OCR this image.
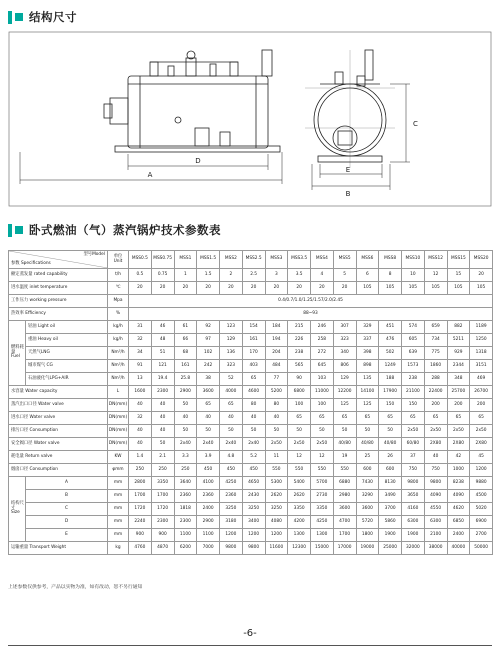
结构尺寸
D
A
C
E
B
卧式燃油（气）蒸汽锅炉技术参数表
型号Model
参数 Specifications		单位
Unit	MSS0.5	MSS0.75	MSS1	MSS1.5	MSS2	MSS2.5	MSS3	MSS3.5	MSS4	MSS5	MSS6	MSS8	MSS10	MSS12	MSS15	MSS20
额定蒸发量 rated capability		t/h	0.5	0.75	1	1.5	2	2.5	3	3.5	4	5	6	8	10	12	15	20
进水温度 inlet temperature		℃	20	20	20	20	20	20	20	20	20	20	105	105	105	105	105	105
工作压力 working pressure		Mpa	0.4/0.7/1.0/1.25/1.57/2.0/2.45															
热效率 Efficiency		%	88~93															
燃料耗量
Fuel	轻油 Light oil	kg/h	31	46	61	92	123	154	184	215	246	307	329	451	574	659	882	1189
	重油 Heavy oil	kg/h	32	48	66	97	129	161	194	226	258	323	337	476	605	734	5211	1250
	天然气LNG	Nm³/h	34	51	68	102	136	170	204	238	272	340	398	502	639	775	929	1318
	城市煤气 CG	Nm³/h	91	121	161	242	323	403	484	565	645	806	898	1249	1573	1860	2344	3151
	石油液化气LPG+AIR	Nm³/h	13	19.4	25.8	38	52	65	77	90	103	129	135	188	238	288	348	469
水容量 Water capacity		L	1600	2300	2900	3600	4000	4600	5200	6800	11000	12200	14100	17900	21100	22400	25700	26700
蒸汽出口口径 Water valve		DN(mm)	40	40	50	65	65	80	80	100	100	125	125	150	150	200	200	200
进水口径 Water valve		DN(mm)	32	40	40	40	40	40	40	65	65	65	65	65	65	65	65	65
排污口径 Consumption		DN(mm)	40	40	50	50	50	50	50	50	50	50	50	50	2x50	2x50	2x50	2x50
安全阀口径 Water valve		DN(mm)	40	50	2x40	2x40	2x40	2x40	2x50	2x50	2x50	40/80	40/80	40/80	60/80	2X80	2X80	2X80
耗电量 Return valve		KW	1.4	2.1	3.3	3.9	4.8	5.2	11	12	12	19	25	26	37	40	42	45
烟囱口径 Consumption		φmm	250	250	250	450	450	450	550	550	550	550	600	600	750	750	1000	1200
结构尺寸
Size	A	mm	2800	3350	3640	4100	4250	4650	5300	5400	5700	6880	7430	8130	9800	9800	8238	9880
	B	mm	1700	1700	2360	2360	2360	2430	2620	2620	2730	2980	3290	3490	3650	4090	4090	4500
	C	mm	1720	1720	1818	2400	3250	3250	3250	3350	3350	3600	3600	3700	4160	4550	4620	5020
	D	mm	2240	2300	2300	2900	3180	3400	4080	4200	4250	4700	5720	5860	6300	6300	6850	6900
	E	mm	900	900	1100	1100	1200	1200	1200	1300	1300	1700	1800	1900	1900	2100	2400	2700
运输重量 Transport Weight		kg	4760	4870	6200	7000	9800	9800	11600	12300	15000	17000	19000	25000	32000	38000	40000	50000
上述参数仅供参考，产品以实物为准，如有改动，恕不另行通知
-6-
